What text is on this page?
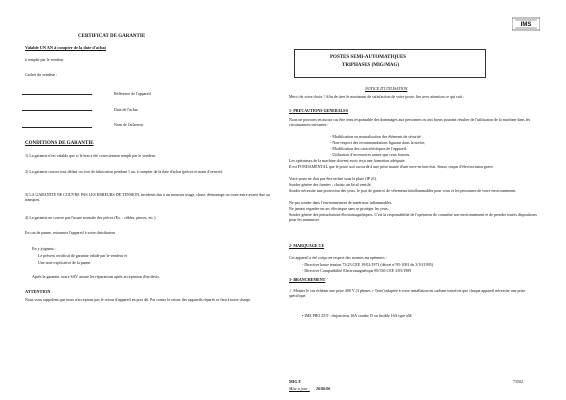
IMS
CERTIFICAT DE GARANTIE
Valable UN AN à compter de la date d'achat
à remplir par le vendeur
Cachet du vendeur :
Référence de l'appareil
Date de l'achat
Nom de l'acheteur
CONDITIONS DE GARANTIE
1) La garantie n'est valable que si le bon a été correctement rempli par le vendeur.
2) La garantie couvre tout défaut ou vice de fabrication pendant 1 an, à compter de la date d'achat (pièces et main d'oeuvre).
3) LA GARANTIE NE COUVRE PAS LES ERREURS DE TENSION, incidents dus à un mauvais usage, chute, démontage ou toute autre avarie due au transport.
4) La garantie ne couvre pas l'usure normale des pièces (Ex. : câbles, pinces, etc.).
En cas de panne, retournez l'appareil à votre distributeur
En y joignant :
Le présent certificat de garantie validé par le vendeur et
Une note explicative de la panne.
Après la garantie, notre SAV assure les réparations après acceptation d'un devis.
ATTENTION
Nous vous rappelons que nous n'acceptons pas le retour d'appareil en port dû. Par contre le retour des appareils réparés se fera à notre charge.
POSTES SEMI-AUTOMATIQUES
TRIPHASES (MIG/MAG)
NOTICE D'UTILISATION
Merci de votre choix ! Afin de tirer le maximum de satisfaction de votre poste, lire avec attention ce qui suit :
1- PRECAUTIONS GENERALES
Nous ne pouvons en aucun cas être tenu responsable des dommages aux personnes ou aux biens pouvant résulter de l'utilisation de la machine dans les circonstances suivantes :
- Modification ou neutralisation des éléments de sécurité ,
- Non-respect des recommandations figurant dans la notice,
- Modification des caractéristiques de l'appareil,
- Utilisation d'accessoires autres que ceux fournis.
Les opérateurs de la machine doivent avoir reçu une formation adéquate .
Il est FONDAMENTAL que le poste soit raccordé à une prise munie d'une terre en bon état. Sinon, risque d'électrocution grave.
Votre poste ne doit pas être utilisé sous la pluie (IP 21).
Souder génère des fumées ; choisir un local ventilé.
Souder nécessite une protection des yeux, le port de gants et de vêtements ininflammables pour vous et les personnes de votre environnement.
Ne pas souder dans l'environnement de matériaux inflammables.
Ne jamais regarder un arc électrique sans se protéger les yeux.
Souder génère des perturbations électromagnétiques. C'est la responsabilité de l'opérateur de connaître son environnement et de prendre toutes dispositions pour les minimiser
2- MARQUAGE CE
Cet appareil a été conçu en respect des normes européennes :
- Directive basse tension 73/23 CEE 19/02/1973 (décret n°95-1081 du 3/10/1995)
- Directive Compatibilité Electromagnétique 89/336 CEE 3/05/1989
3- BRANCHEMENT
✓ Monter le cas échéant une prise 400 V (3 phases + Terre) adaptée à votre installation en sachant toutefois que chaque appareil nécessite une prise spécifique.
• IMS PRO 25/9 : disjoncteur 16A courbe D ou fusible 16A type aM.
MIG 8
Mise à jour : 26/06/06
73502
